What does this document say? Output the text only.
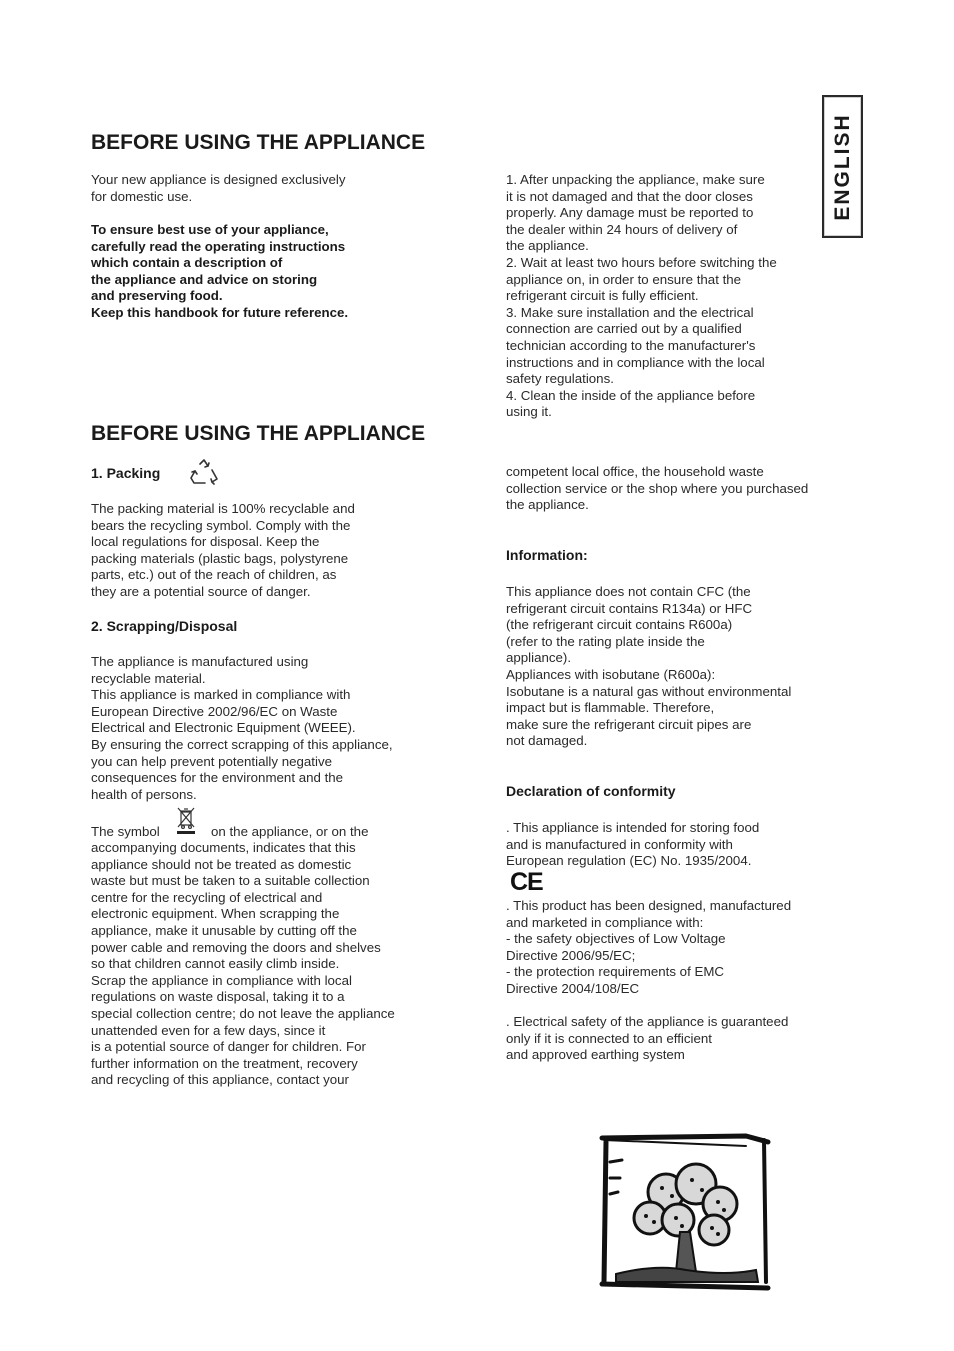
ENGLISH
BEFORE USING THE APPLIANCE
Your new appliance is designed exclusively
for domestic use.
To ensure best use of your appliance,
carefully read the operating instructions
which contain a description of
the appliance and advice on storing
and preserving food.
Keep this handbook for future reference.
1. After unpacking the appliance, make sure
it is not damaged and that the door closes
properly. Any damage must be reported to
the dealer within 24 hours of delivery of
the appliance.
2. Wait at least two hours before switching the
appliance on, in order to ensure that the
refrigerant circuit is fully efficient.
3. Make sure installation and the electrical
connection are carried out by a qualified
technician according to the manufacturer's
instructions and in compliance with the local
safety regulations.
4. Clean the inside of the appliance before
using it.
BEFORE USING THE APPLIANCE
1. Packing
The packing material is 100% recyclable and
bears the recycling symbol. Comply with the
local regulations for disposal. Keep the
packing materials (plastic bags, polystyrene
parts, etc.) out of the reach of children, as
they are a potential source of danger.
2. Scrapping/Disposal
The appliance is manufactured using
recyclable material.
This appliance is marked in compliance with
European Directive 2002/96/EC on Waste
Electrical and Electronic Equipment (WEEE).
By ensuring the correct scrapping of this appliance,
you can help prevent potentially negative
consequences for the environment and the
health of persons.
The symbol	on the appliance, or on the
accompanying documents, indicates that this
appliance should not be treated as domestic
waste but must be taken to a suitable collection
centre for the recycling of electrical and
electronic equipment. When scrapping the
appliance, make it unusable by cutting off the
power cable and removing the doors and shelves
so that children cannot easily climb inside.
Scrap the appliance in compliance with local
regulations on waste disposal, taking it to a
special collection centre; do not leave the appliance
unattended even for a few days, since it
is a potential source of danger for children. For
further information on the treatment, recovery
and recycling of this appliance, contact your
competent local office, the household waste
collection service or the shop where you purchased
the appliance.
Information:
This appliance does not contain CFC (the
refrigerant circuit contains R134a) or HFC
(the refrigerant circuit contains R600a)
(refer to the rating plate inside the
appliance).
Appliances with isobutane (R600a):
Isobutane is a natural gas without environmental
impact but is flammable. Therefore,
make sure the refrigerant circuit pipes are
not damaged.
Declaration of conformity
. This appliance is intended for storing food
and is manufactured in conformity with
European regulation (EC) No. 1935/2004.
CE
. This product has been designed, manufactured
and marketed in compliance with:
- the safety objectives of Low Voltage
Directive 2006/95/EC;
- the protection requirements of EMC
Directive 2004/108/EC
. Electrical safety of the appliance is guaranteed
only if it is connected to an efficient
and approved earthing system
